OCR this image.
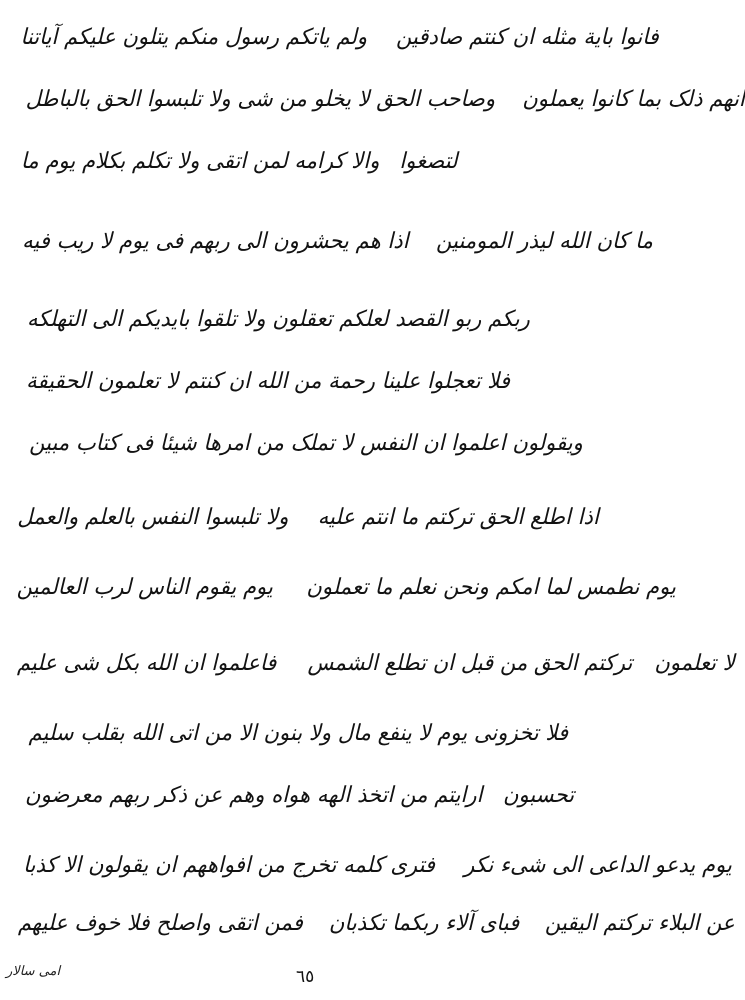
ولم یاتکم رسول منکم یتلون علیکم آیاتنا فانوا بایة مثله ان کنتم صادقین
وصاحب الحق لا یخلو من شی ولا تلبسوا الحق بالباطل انهم ذلک بما کانوا یعملون
والا کرامه لمن اتقی ولا تکلم بکلام یوم ما لتصغوا
اذا هم یحشرون الی ربهم فی یوم لا ریب فیه ما کان الله لیذر المومنین
ربکم ربو القصد لعلکم تعقلون ولا تلقوا بایدیکم الی التهلکه
فلا تعجلوا علینا رحمة من الله ان کنتم لا تعلمون الحقیقة
ویقولون اعلموا ان النفس لا تملک من امرها شیئا فی کتاب مبین
ولا تلبسوا النفس بالعلم والعمل اذا اطلع الحق ترکتم ما انتم علیه
یوم یقوم الناس لرب العالمین یوم نطمس لما امکم ونحن نعلم ما تعملون
فاعلموا ان الله بکل شی علیم ترکتم الحق من قبل ان تطلع الشمس لا تعلمون
فلا تخزونی یوم لا ینفع مال ولا بنون الا من اتی الله بقلب سلیم
ارایتم من اتخذ الهه هواه وهم عن ذکر ربهم معرضون تحسبون
فتری کلمه تخرج من افواههم ان یقولون الا کذبا یوم یدعو الداعی الی شیء نکر
فمن اتقی واصلح فلا خوف علیهم فبای آلاء ربکما تکذبان عن البلاء ترکتم الیقین
٦٥
امی سالار
